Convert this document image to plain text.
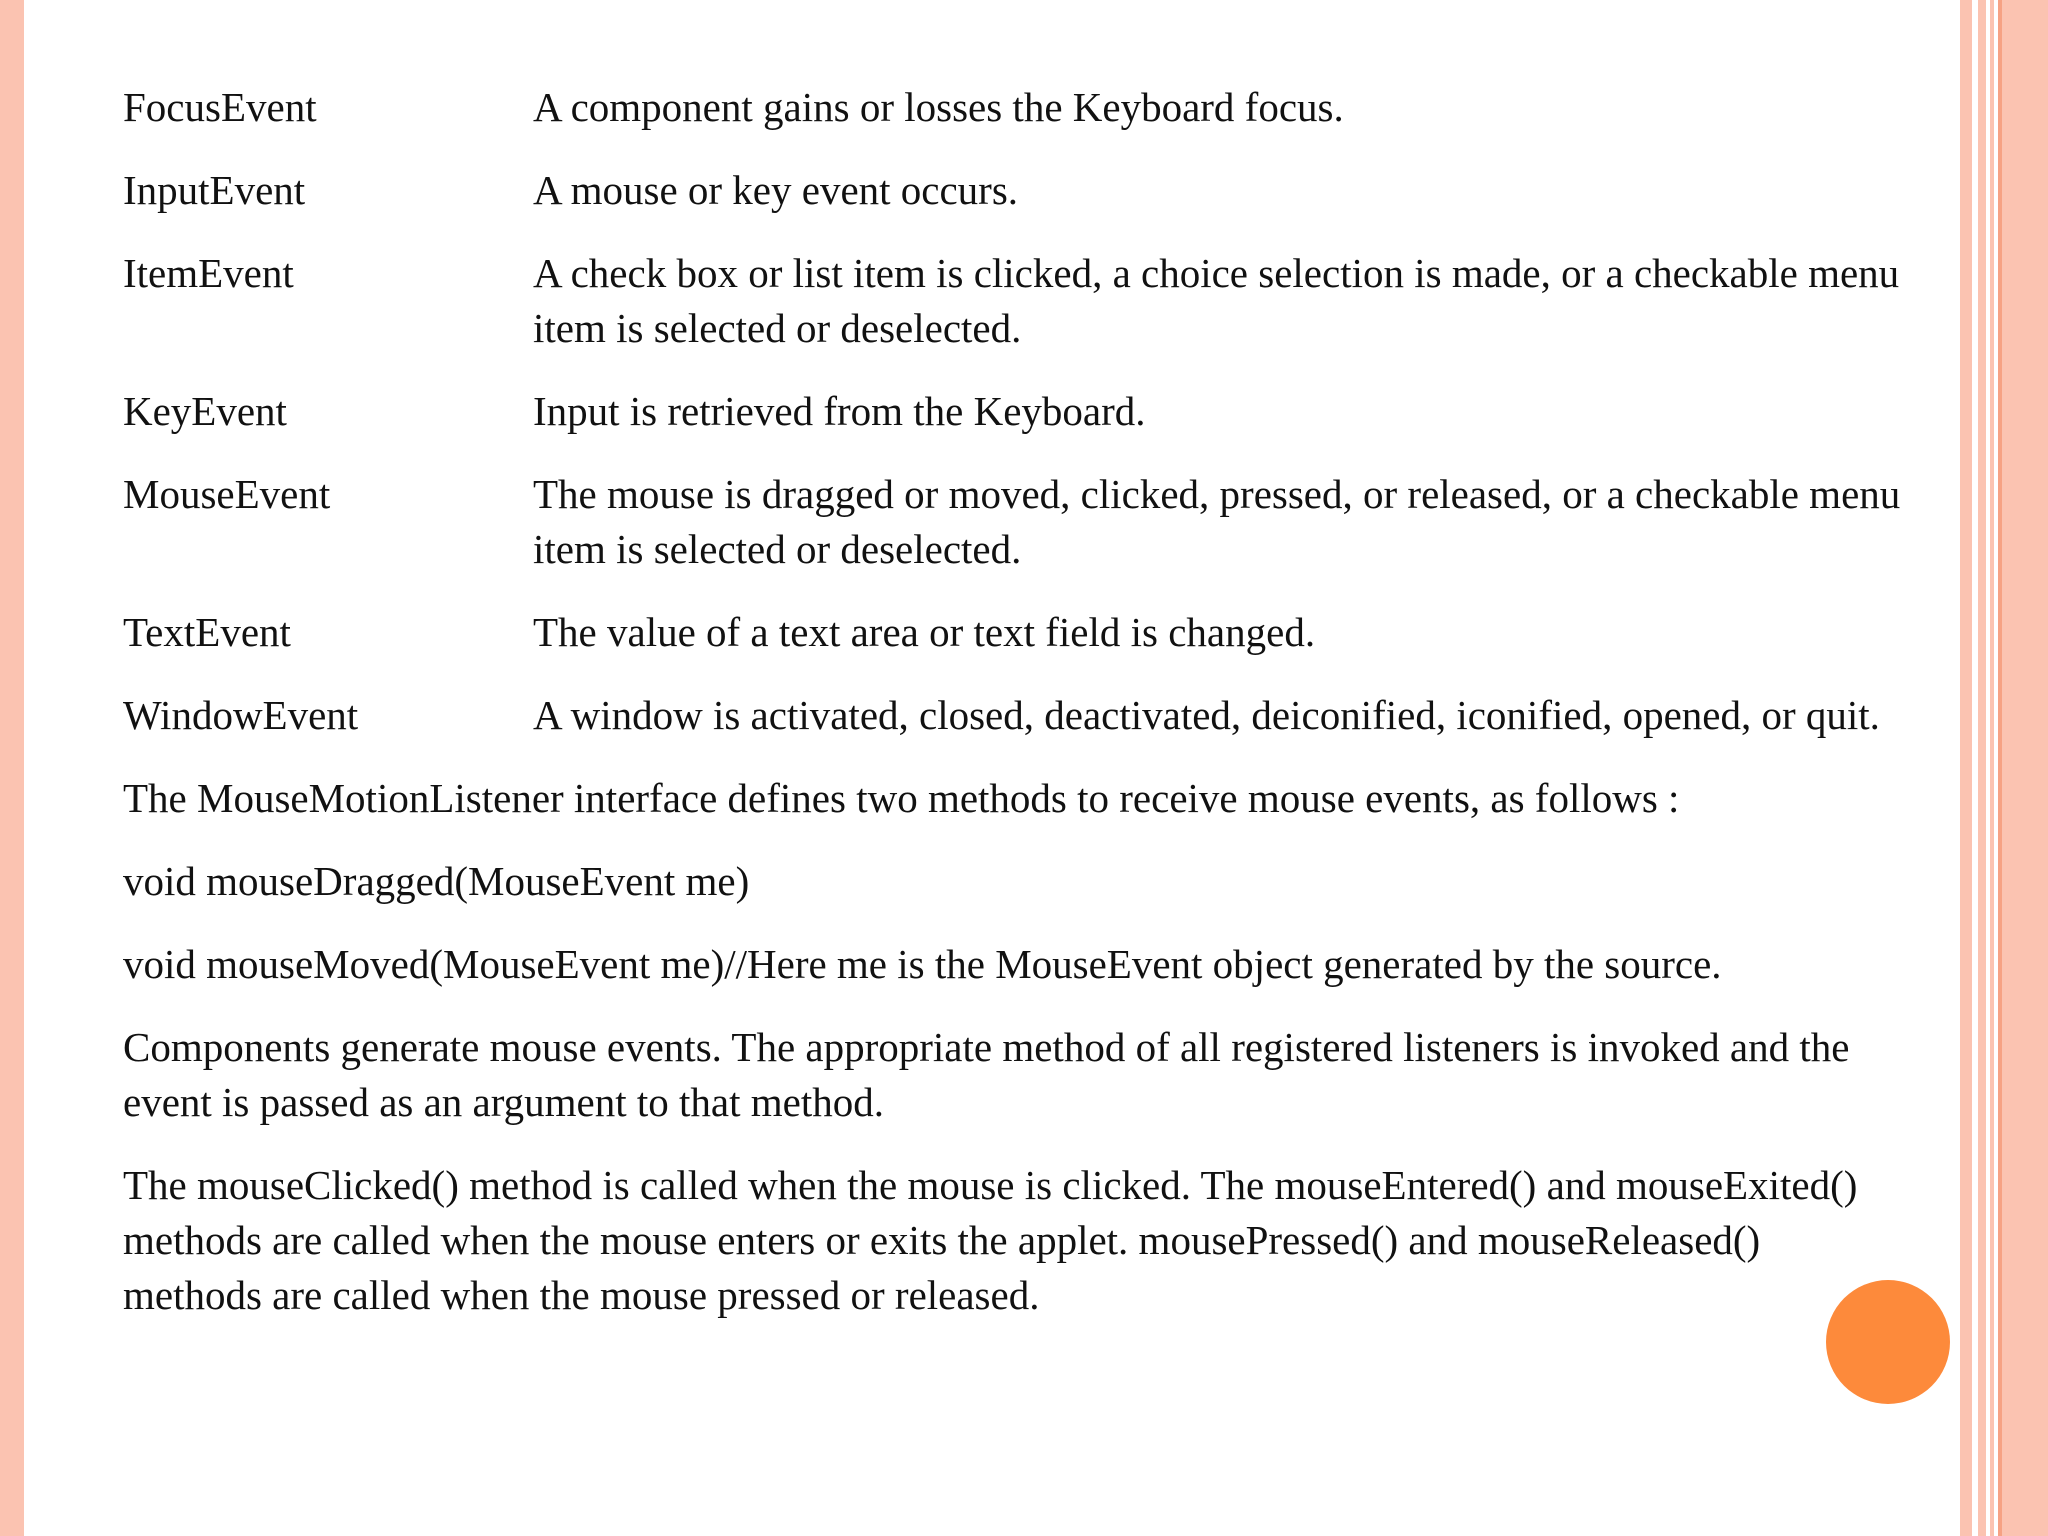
FocusEvent	A component gains or losses the Keyboard focus.
InputEvent	A mouse or key event occurs.
ItemEvent	A check box or list item is clicked, a choice selection is made, or a checkable menu item is selected or deselected.
KeyEvent	Input is retrieved from the Keyboard.
MouseEvent	The mouse is dragged or moved, clicked, pressed, or released, or a checkable menu item is selected or deselected.
TextEvent	The value of a text area or text field is changed.
WindowEvent	A window is activated, closed, deactivated, deiconified, iconified, opened, or quit.
The MouseMotionListener interface defines two methods to receive mouse events, as follows :
void mouseDragged(MouseEvent me)
void mouseMoved(MouseEvent me)//Here me is the MouseEvent object generated by the source.
Components generate mouse events. The appropriate method of all registered listeners is invoked and the event is passed as an argument to that method.
The mouseClicked() method is called when the mouse is clicked. The mouseEntered() and mouseExited() methods are called when the mouse enters or exits the applet. mousePressed() and mouseReleased() methods are called when the mouse pressed or released.
